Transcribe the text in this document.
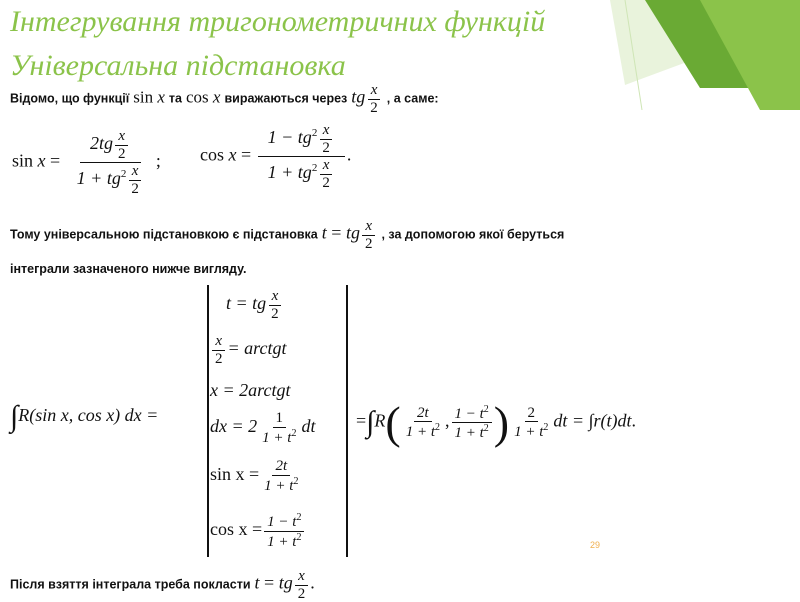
Інтегрування тригонометричних функцій
Універсальна підстановка
Відомо, що функції sin x та cos x виражаються через tg $\frac{x}{2}$ , а саме:
$\sin x = \frac{2tg \frac{x}{2}}{1 + tg^2 \frac{x}{2}}$ ; $\cos x = \frac{1 - tg^2 \frac{x}{2}}{1 + tg^2 \frac{x}{2}}$ .
Тому універсальною підстановкою є підстановка t = tg $\frac{x}{2}$ , за допомогою якої беруться
інтеграли зазначеного нижче вигляду.
t = tg $\frac{x}{2}$
$\frac{x}{2}$ = arctgt
x = 2arctgt
dx = $2 \frac{1}{1 + t^2}$ dt
$\sin x = \frac{2t}{1 + t^2}$
$\cos x = \frac{1 - t^2}{1 + t^2}$
∫R(sin x, cos x) dx =	$=\int R( \frac{2t}{1 + t^2}$ , $\frac{1 - t^2}{1 + t^2}$ ) $\frac{2}{1 + t^2}$ dt = ∫r(t)dt.
29
Після взяття інтеграла треба покласти t = tg $\frac{x}{2}$ .
